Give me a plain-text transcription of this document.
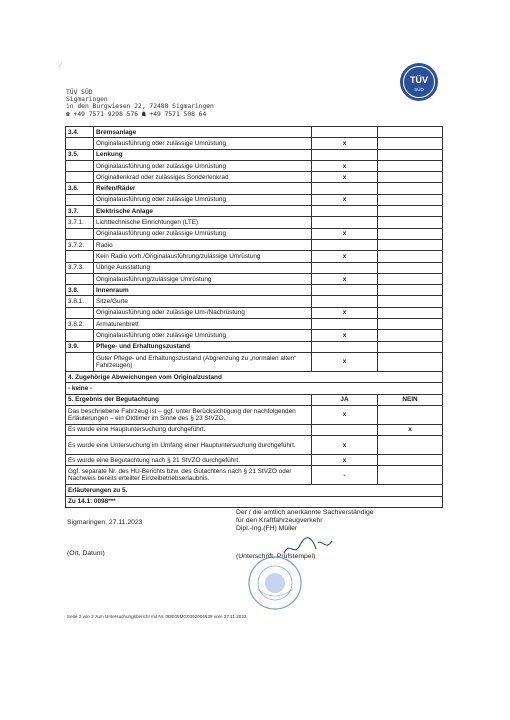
⁄
TÜV SÜD
Sigmaringen
in den Burgwiesen 22, 72488 Sigmaringen
☎ +49 7571 9298 576 ☗ +49 7571 508 64
TÜV
SÜD
3.4.	Bremsanlage		
	Originalausführung oder zulässige Umrüstung	x	
3.5.	Lenkung		
	Originalausführung oder zulässige Umrüstung	x	
	Originallenkrad oder zulässiges Sonderlenkrad	x	
3.6.	Reifen/Räder		
	Originalausführung oder zulässige Umrüstung	x	
3.7.	Elektrische Anlage		
3.7.1.	Lichttechnische Einrichtungen (LTE)		
	Originalausführung oder zulässige Umrüstung	x	
3.7.2.	Radio		
	Kein Radio vorh./Originalausführung/zulässige Umrüstung	x	
3.7.3.	Übrige Ausstattung		
	Originalausführung/zulässige Umrüstung	x	
3.8.	Innenraum		
3.8.1.	Sitze/Gurte		
	Originalausführung oder zulässige Um-/Nachrüstung	x	
3.8.2.	Armaturenbrett		
	Originalausführung oder zulässige Umrüstung	x	
3.9.	Pflege- und Erhaltungszustand		
	Guter Pflege- und Erhaltungszustand (Abgrenzung zu „normalen alten“ Fahrzeugen)	x	
4. Zugehörige Abweichungen vom Originalzustand			
- keine -			
5. Ergebnis der Begutachtung		JA	NEIN
Das beschriebene Fahrzeug ist – ggf. unter Berücksichtigung der nachfolgenden Erläuterungen – ein Oldtimer im Sinne des § 23 StVZO.		x	
Es wurde eine Hauptuntersuchung durchgeführt.			x
Es wurde eine Untersuchung im Umfang einer Hauptuntersuchung durchgeführt.		x	
Es wurde eine Begutachtung nach § 21 StVZO durchgeführt.		x	
Ggf. separate Nr. des HU-Berichts bzw. des Gutachtens nach § 21 StVZO oder Nachweis bereits erteilter Einzelbetriebserlaubnis.		-	
Erläuterungen zu 5.			
Zu 14.1: 0098***			
Sigmaringen, 27.11.2023
(Ort, Datum)
Der / die amtlich anerkannte Sachverständige
für den Kraftfahrzeugverkehr
Dipl.-Ing.(FH) Müller
(Unterschrift, Prüfstempel)
Seite 2 von 2 zum Untersuchungsbericht mit Nr. 0DE05MG0392006638 vom 27.11.2023
